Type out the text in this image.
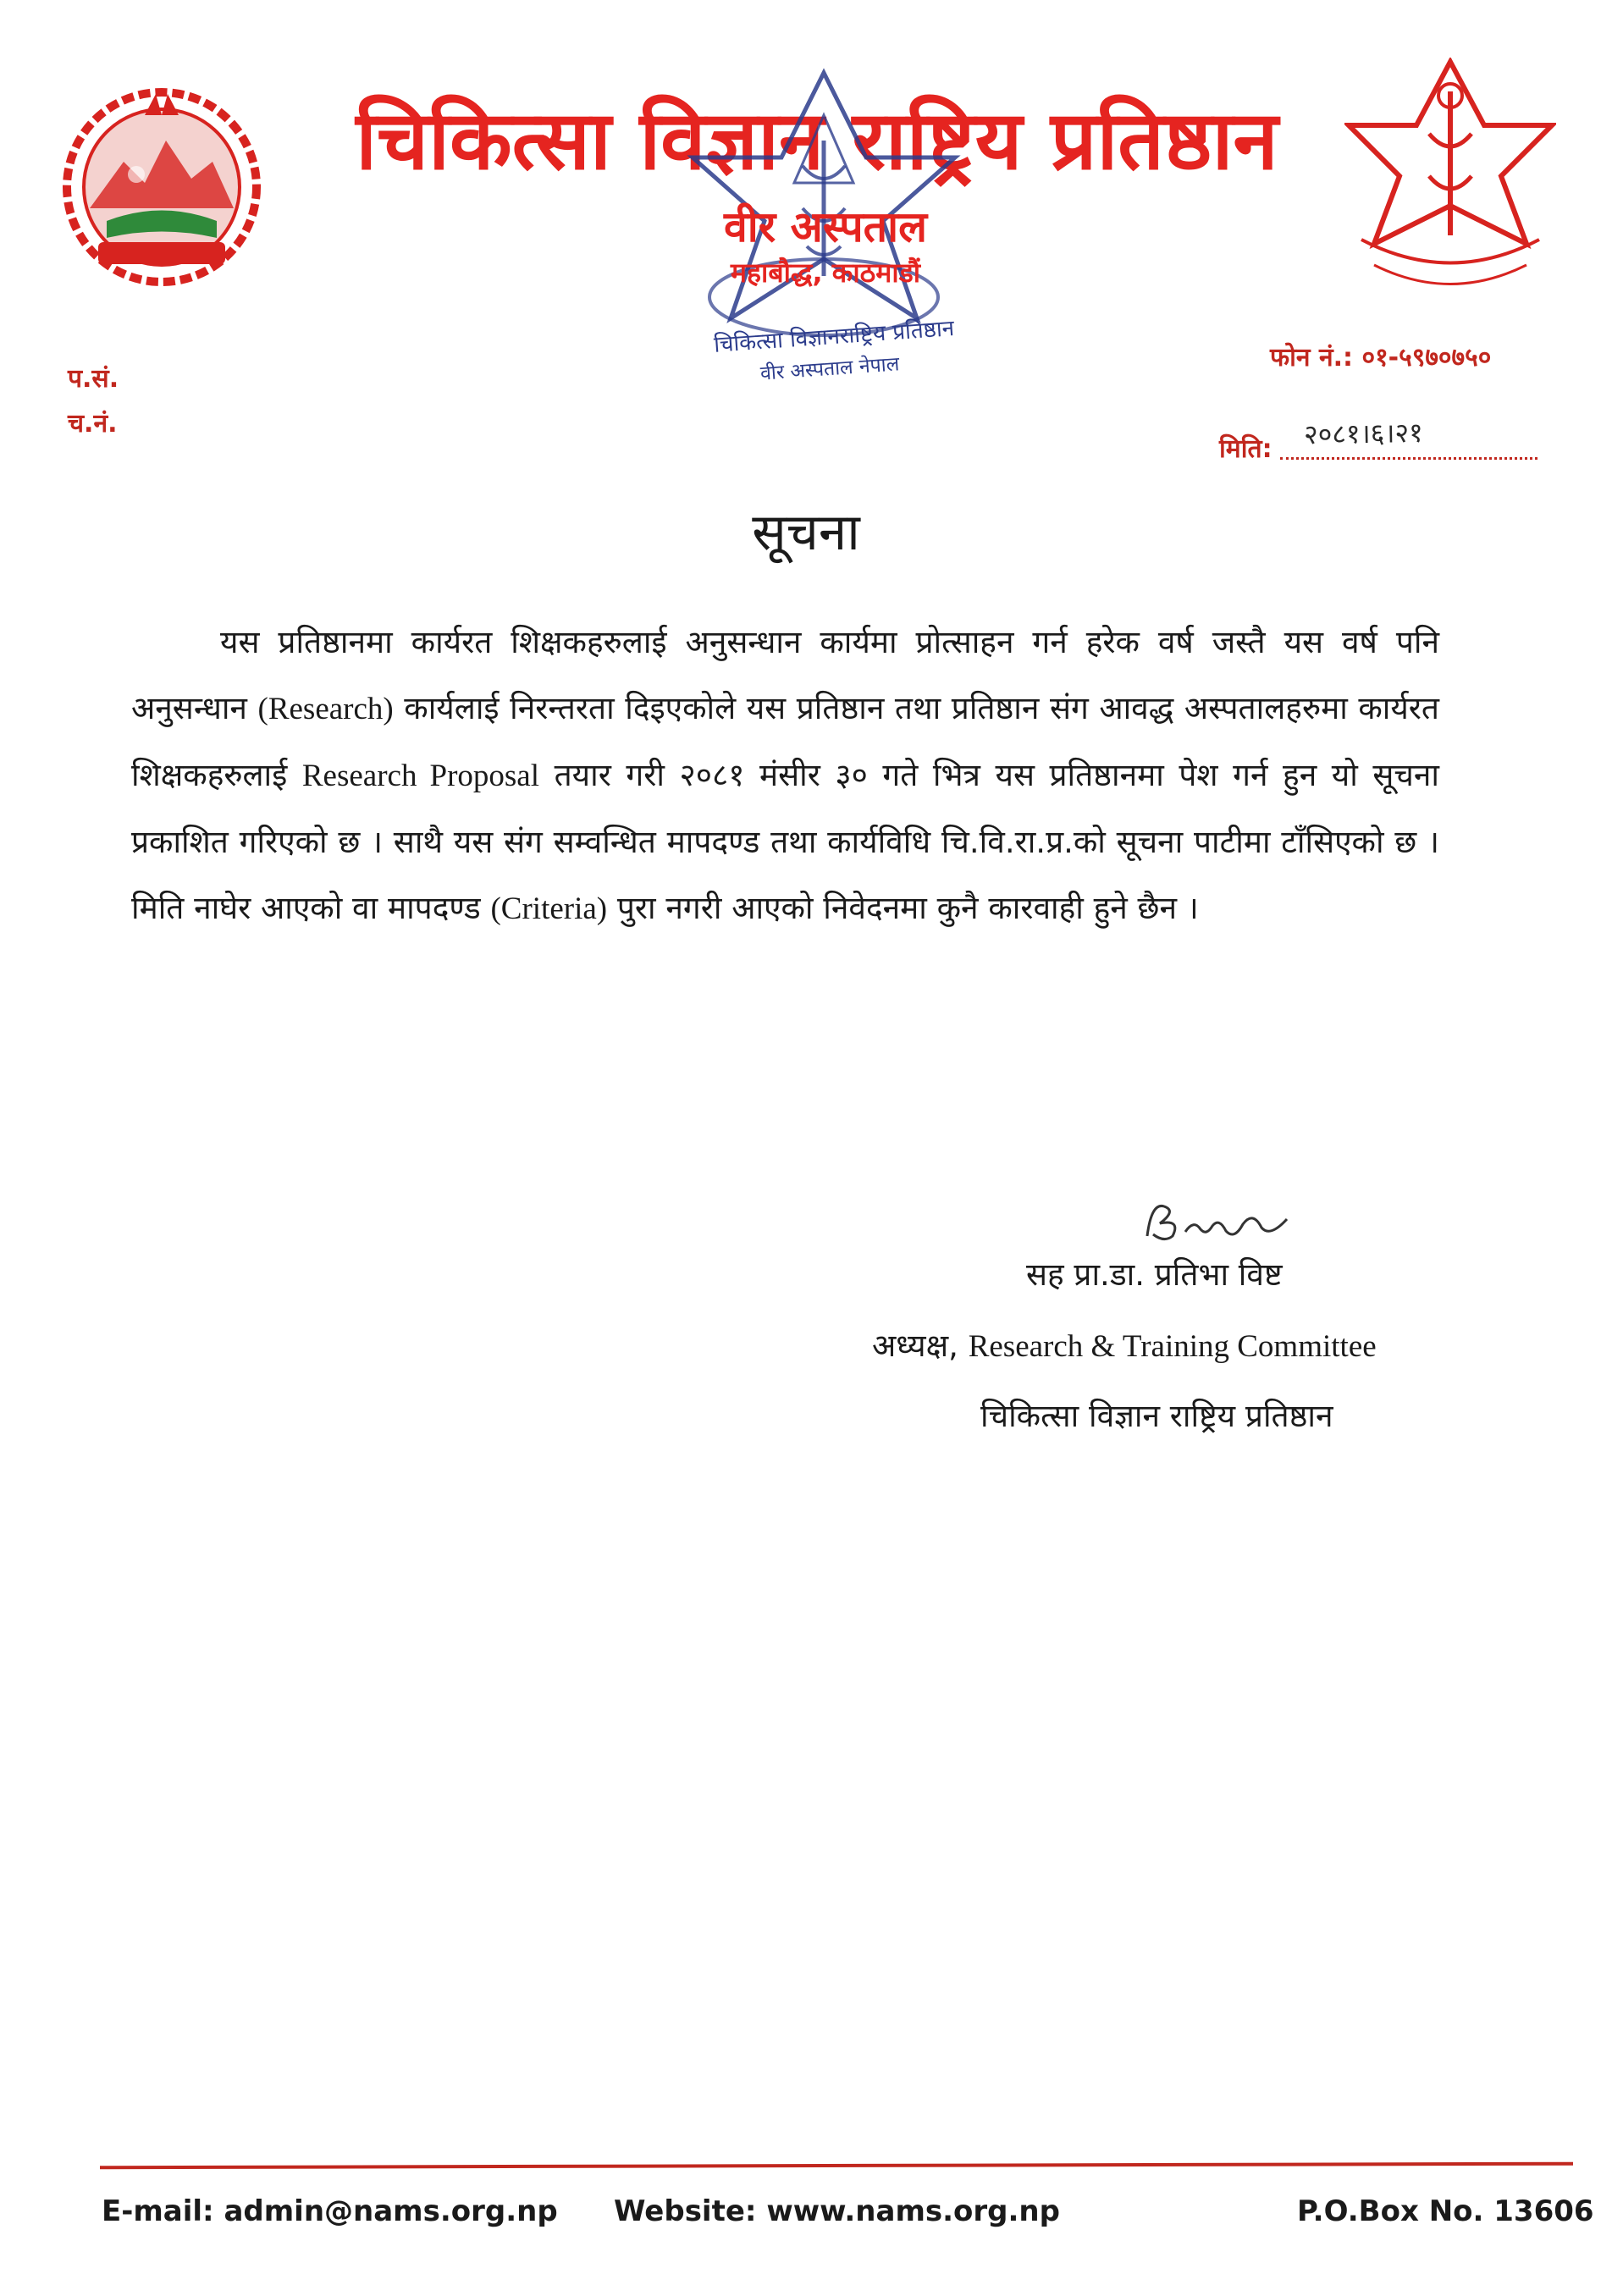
चिकित्सा विज्ञान राष्ट्रिय प्रतिष्ठान
वीर अस्पताल
महाबौद्ध, काठमाडौं
चिकित्सा विज्ञानराष्ट्रिय प्रतिष्ठान
वीर अस्पताल नेपाल
प.सं.
च.नं.
फोन नं.: ०१-५९७०७५०
मिति: २०८१।६।२१
सूचना
यस प्रतिष्ठानमा कार्यरत शिक्षकहरुलाई अनुसन्धान कार्यमा प्रोत्साहन गर्न हरेक वर्ष जस्तै यस वर्ष पनि अनुसन्धान (Research) कार्यलाई निरन्तरता दिइएकोले यस प्रतिष्ठान तथा प्रतिष्ठान संग आवद्ध अस्पतालहरुमा कार्यरत शिक्षकहरुलाई Research Proposal तयार गरी २०८१ मंसीर ३० गते भित्र यस प्रतिष्ठानमा पेश गर्न हुन यो सूचना प्रकाशित गरिएको छ । साथै यस संग सम्वन्धित मापदण्ड तथा कार्यविधि चि.वि.रा.प्र.को सूचना पाटीमा टाँसिएको छ । मिति नाघेर आएको वा मापदण्ड (Criteria) पुरा नगरी आएको निवेदनमा कुनै कारवाही हुने छैन ।
सह प्रा.डा. प्रतिभा विष्ट
अध्यक्ष, Research & Training Committee
चिकित्सा विज्ञान राष्ट्रिय प्रतिष्ठान
E-mail: admin@nams.org.np Website: www.nams.org.np	P.O.Box No. 13606
